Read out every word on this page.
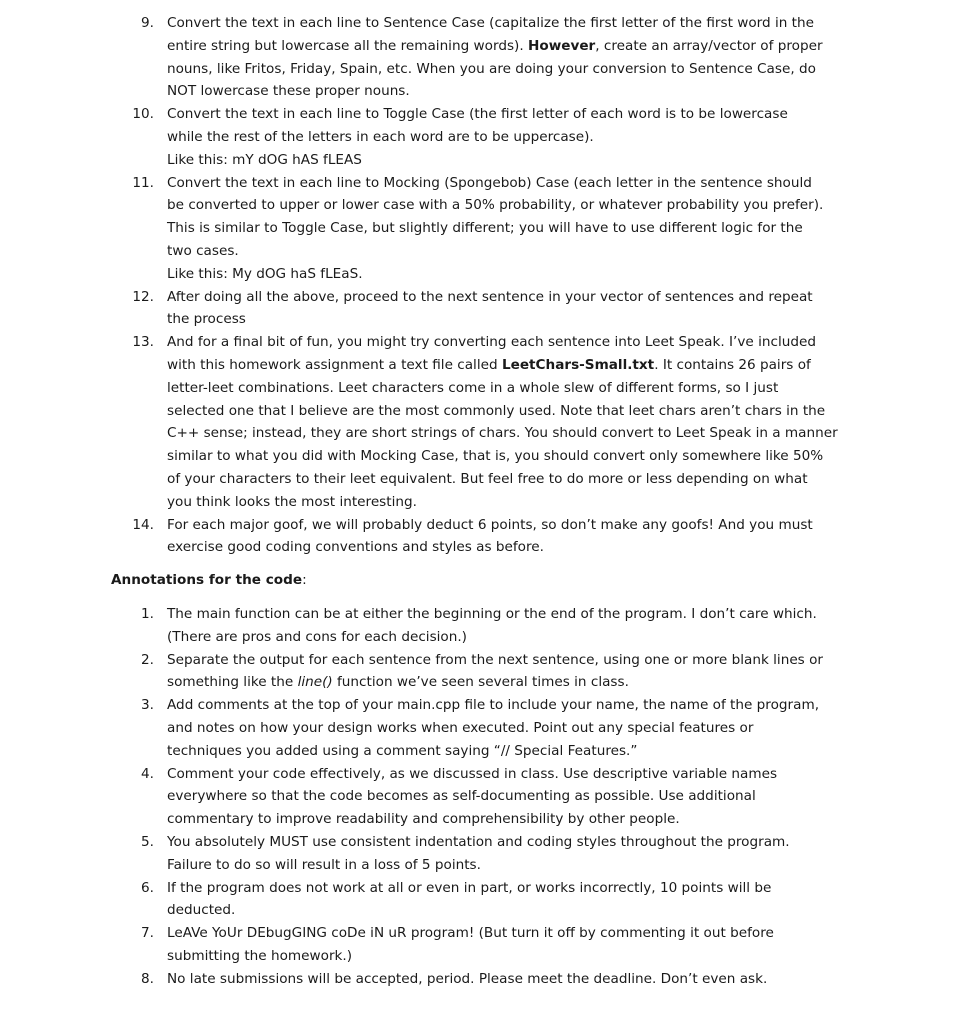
9. Convert the text in each line to Sentence Case (capitalize the first letter of the first word in the
entire string but lowercase all the remaining words). However, create an array/vector of proper
nouns, like Fritos, Friday, Spain, etc. When you are doing your conversion to Sentence Case, do
NOT lowercase these proper nouns.
10. Convert the text in each line to Toggle Case (the first letter of each word is to be lowercase
while the rest of the letters in each word are to be uppercase).
Like this: mY dOG hAS fLEAS
11. Convert the text in each line to Mocking (Spongebob) Case (each letter in the sentence should
be converted to upper or lower case with a 50% probability, or whatever probability you prefer).
This is similar to Toggle Case, but slightly different; you will have to use different logic for the
two cases.
Like this: My dOG haS fLEaS.
12. After doing all the above, proceed to the next sentence in your vector of sentences and repeat
the process
13. And for a final bit of fun, you might try converting each sentence into Leet Speak. I’ve included
with this homework assignment a text file called LeetChars-Small.txt. It contains 26 pairs of
letter-leet combinations. Leet characters come in a whole slew of different forms, so I just
selected one that I believe are the most commonly used. Note that leet chars aren’t chars in the
C++ sense; instead, they are short strings of chars. You should convert to Leet Speak in a manner
similar to what you did with Mocking Case, that is, you should convert only somewhere like 50%
of your characters to their leet equivalent. But feel free to do more or less depending on what
you think looks the most interesting.
14. For each major goof, we will probably deduct 6 points, so don’t make any goofs! And you must
exercise good coding conventions and styles as before.
Annotations for the code:
1. The main function can be at either the beginning or the end of the program. I don’t care which.
(There are pros and cons for each decision.)
2. Separate the output for each sentence from the next sentence, using one or more blank lines or
something like the line() function we’ve seen several times in class.
3. Add comments at the top of your main.cpp file to include your name, the name of the program,
and notes on how your design works when executed. Point out any special features or
techniques you added using a comment saying “// Special Features.”
4. Comment your code effectively, as we discussed in class. Use descriptive variable names
everywhere so that the code becomes as self-documenting as possible. Use additional
commentary to improve readability and comprehensibility by other people.
5. You absolutely MUST use consistent indentation and coding styles throughout the program.
Failure to do so will result in a loss of 5 points.
6. If the program does not work at all or even in part, or works incorrectly, 10 points will be
deducted.
7. LeAVe YoUr DEbugGING coDe iN uR program! (But turn it off by commenting it out before
submitting the homework.)
8. No late submissions will be accepted, period. Please meet the deadline. Don’t even ask.
